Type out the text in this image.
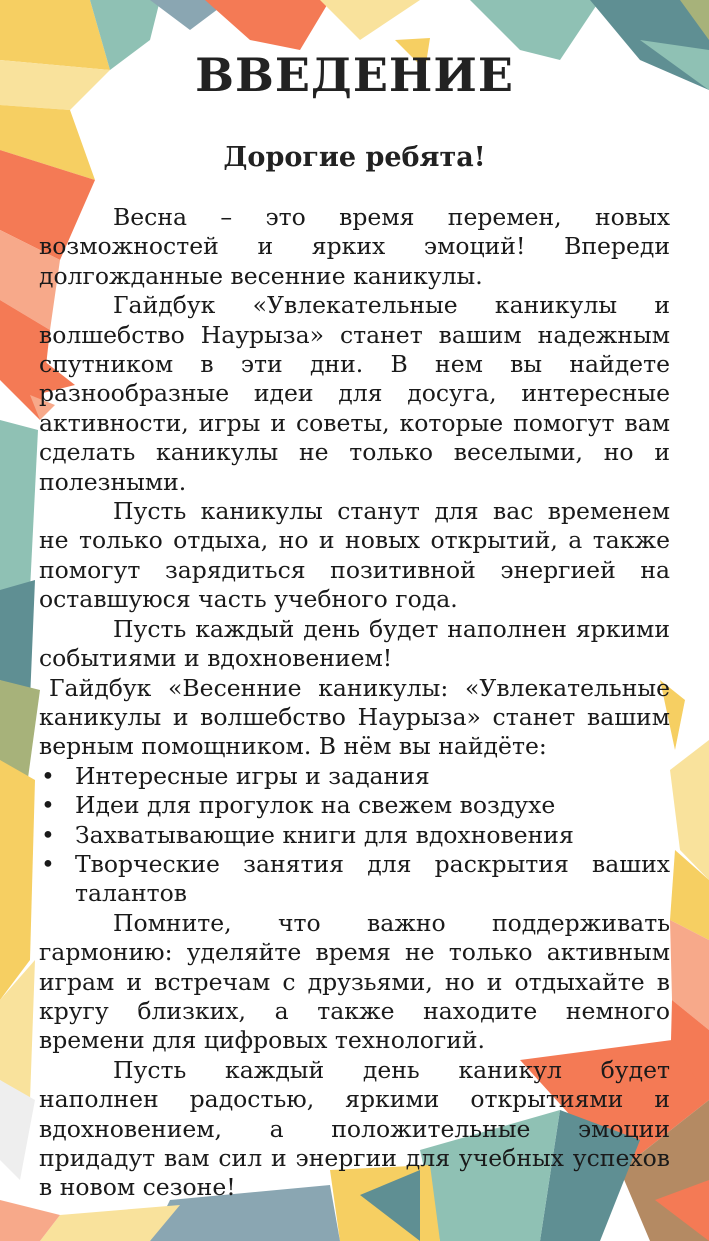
ВВЕДЕНИЕ
Дорогие ребята!

Весна – это время перемен, новых возможностей и ярких эмоций! Впереди долгожданные весенние каникулы.

Гайдбук «Увлекательные каникулы и волшебство Наурыза» станет вашим надежным спутником в эти дни. В нем вы найдете разнообразные идеи для досуга, интересные активности, игры и советы, которые помогут вам сделать каникулы не только веселыми, но и полезными.

Пусть каникулы станут для вас временем не только отдыха, но и новых открытий, а также помогут зарядиться позитивной энергией на оставшуюся часть учебного года.

Пусть каждый день будет наполнен яркими событиями и вдохновением!

Гайдбук «Весенние каникулы: «Увлекательные каникулы и волшебство Наурыза» станет вашим верным помощником. В нём вы найдёте:

• Интересные игры и задания
• Идеи для прогулок на свежем воздухе
• Захватывающие книги для вдохновения
• Творческие занятия для раскрытия ваших талантов

Помните, что важно поддерживать гармонию: уделяйте время не только активным играм и встречам с друзьями, но и отдыхайте в кругу близких, а также находите немного времени для цифровых технологий.

Пусть каждый день каникул будет наполнен радостью, яркими открытиями и вдохновением, а положительные эмоции придадут вам сил и энергии для учебных успехов в новом сезоне!
